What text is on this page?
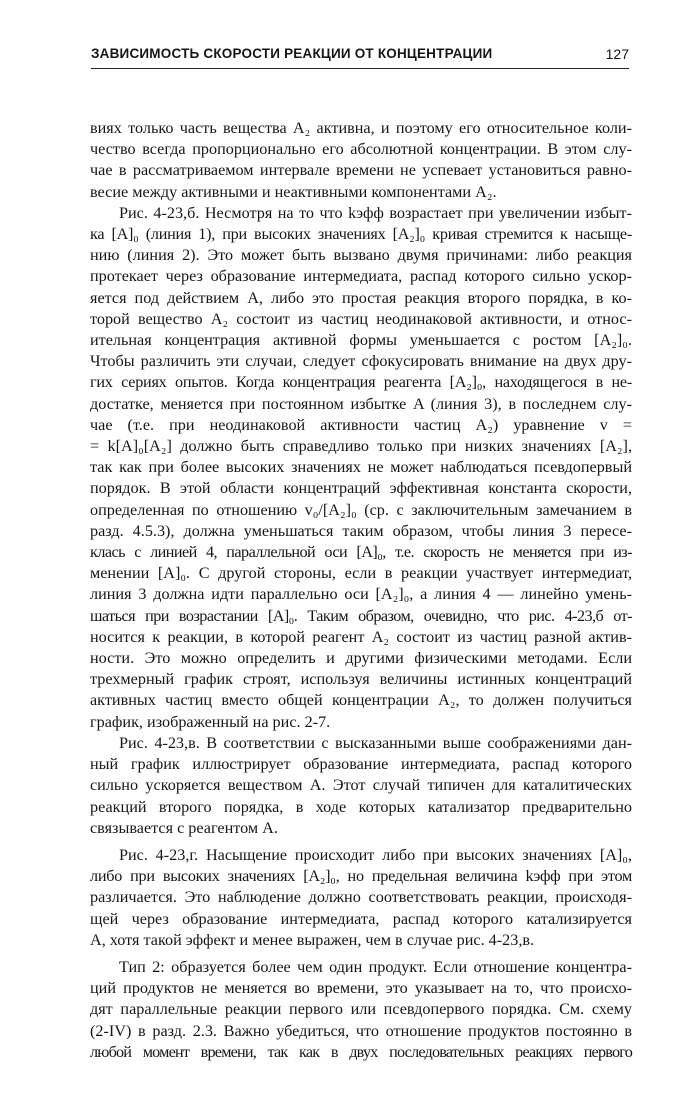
ЗАВИСИМОСТЬ СКОРОСТИ РЕАКЦИИ ОТ КОНЦЕНТРАЦИИ	127

виях только часть вещества A₂ активна, и поэтому его относительное коли-

чество всегда пропорционально его абсолютной концентрации. В этом слу-

чае в рассматриваемом интервале времени не успевает установиться равно-

весие между активными и неактивными компонентами A₂.

Рис. 4-23,б. Несмотря на то что kэфф возрастает при увеличении избыт-

ка [A]₀ (линия 1), при высоких значениях [A₂]₀ кривая стремится к насыще-

нию (линия 2). Это может быть вызвано двумя причинами: либо реакция

протекает через образование интермедиата, распад которого сильно ускор-

яется под действием A, либо это простая реакция второго порядка, в ко-

торой вещество A₂ состоит из частиц неодинаковой активности, и относ-

ительная концентрация активной формы уменьшается с ростом [A₂]₀.

Чтобы различить эти случаи, следует сфокусировать внимание на двух дру-

гих сериях опытов. Когда концентрация реагента [A₂]₀, находящегося в не-

достатке, меняется при постоянном избытке A (линия 3), в последнем слу-

чае (т.е. при неодинаковой активности частиц A₂) уравнение v =

= k[A]₀[A₂] должно быть справедливо только при низких значениях [A₂],

так как при более высоких значениях не может наблюдаться псевдопервый

порядок. В этой области концентраций эффективная константа скорости,

определенная по отношению v₀/[A₂]₀ (ср. с заключительным замечанием в

разд. 4.5.3), должна уменьшаться таким образом, чтобы линия 3 пересе-

клась с линией 4, параллельной оси [A]₀, т.е. скорость не меняется при из-

менении [A]₀. С другой стороны, если в реакции участвует интермедиат,

линия 3 должна идти параллельно оси [A₂]₀, а линия 4 — линейно умень-

шаться при возрастании [A]₀. Таким образом, очевидно, что рис. 4-23,б от-

носится к реакции, в которой реагент A₂ состоит из частиц разной актив-

ности. Это можно определить и другими физическими методами. Если

трехмерный график строят, используя величины истинных концентраций

активных частиц вместо общей концентрации A₂, то должен получиться

график, изображенный на рис. 2-7.

Рис. 4-23,в. В соответствии с высказанными выше соображениями дан-

ный график иллюстрирует образование интермедиата, распад которого

сильно ускоряется веществом A. Этот случай типичен для каталитических

реакций второго порядка, в ходе которых катализатор предварительно

связывается с реагентом A.

Рис. 4-23,г. Насыщение происходит либо при высоких значениях [A]₀,

либо при высоких значениях [A₂]₀, но предельная величина kэфф при этом

различается. Это наблюдение должно соответствовать реакции, происходя-

щей через образование интермедиата, распад которого катализируется

A, хотя такой эффект и менее выражен, чем в случае рис. 4-23,в.

Тип 2: образуется более чем один продукт. Если отношение концентра-

ций продуктов не меняется во времени, это указывает на то, что происхо-

дят параллельные реакции первого или псевдопервого порядка. См. схему

(2-IV) в разд. 2.3. Важно убедиться, что отношение продуктов постоянно в

любой момент времени, так как в двух последовательных реакциях первого
